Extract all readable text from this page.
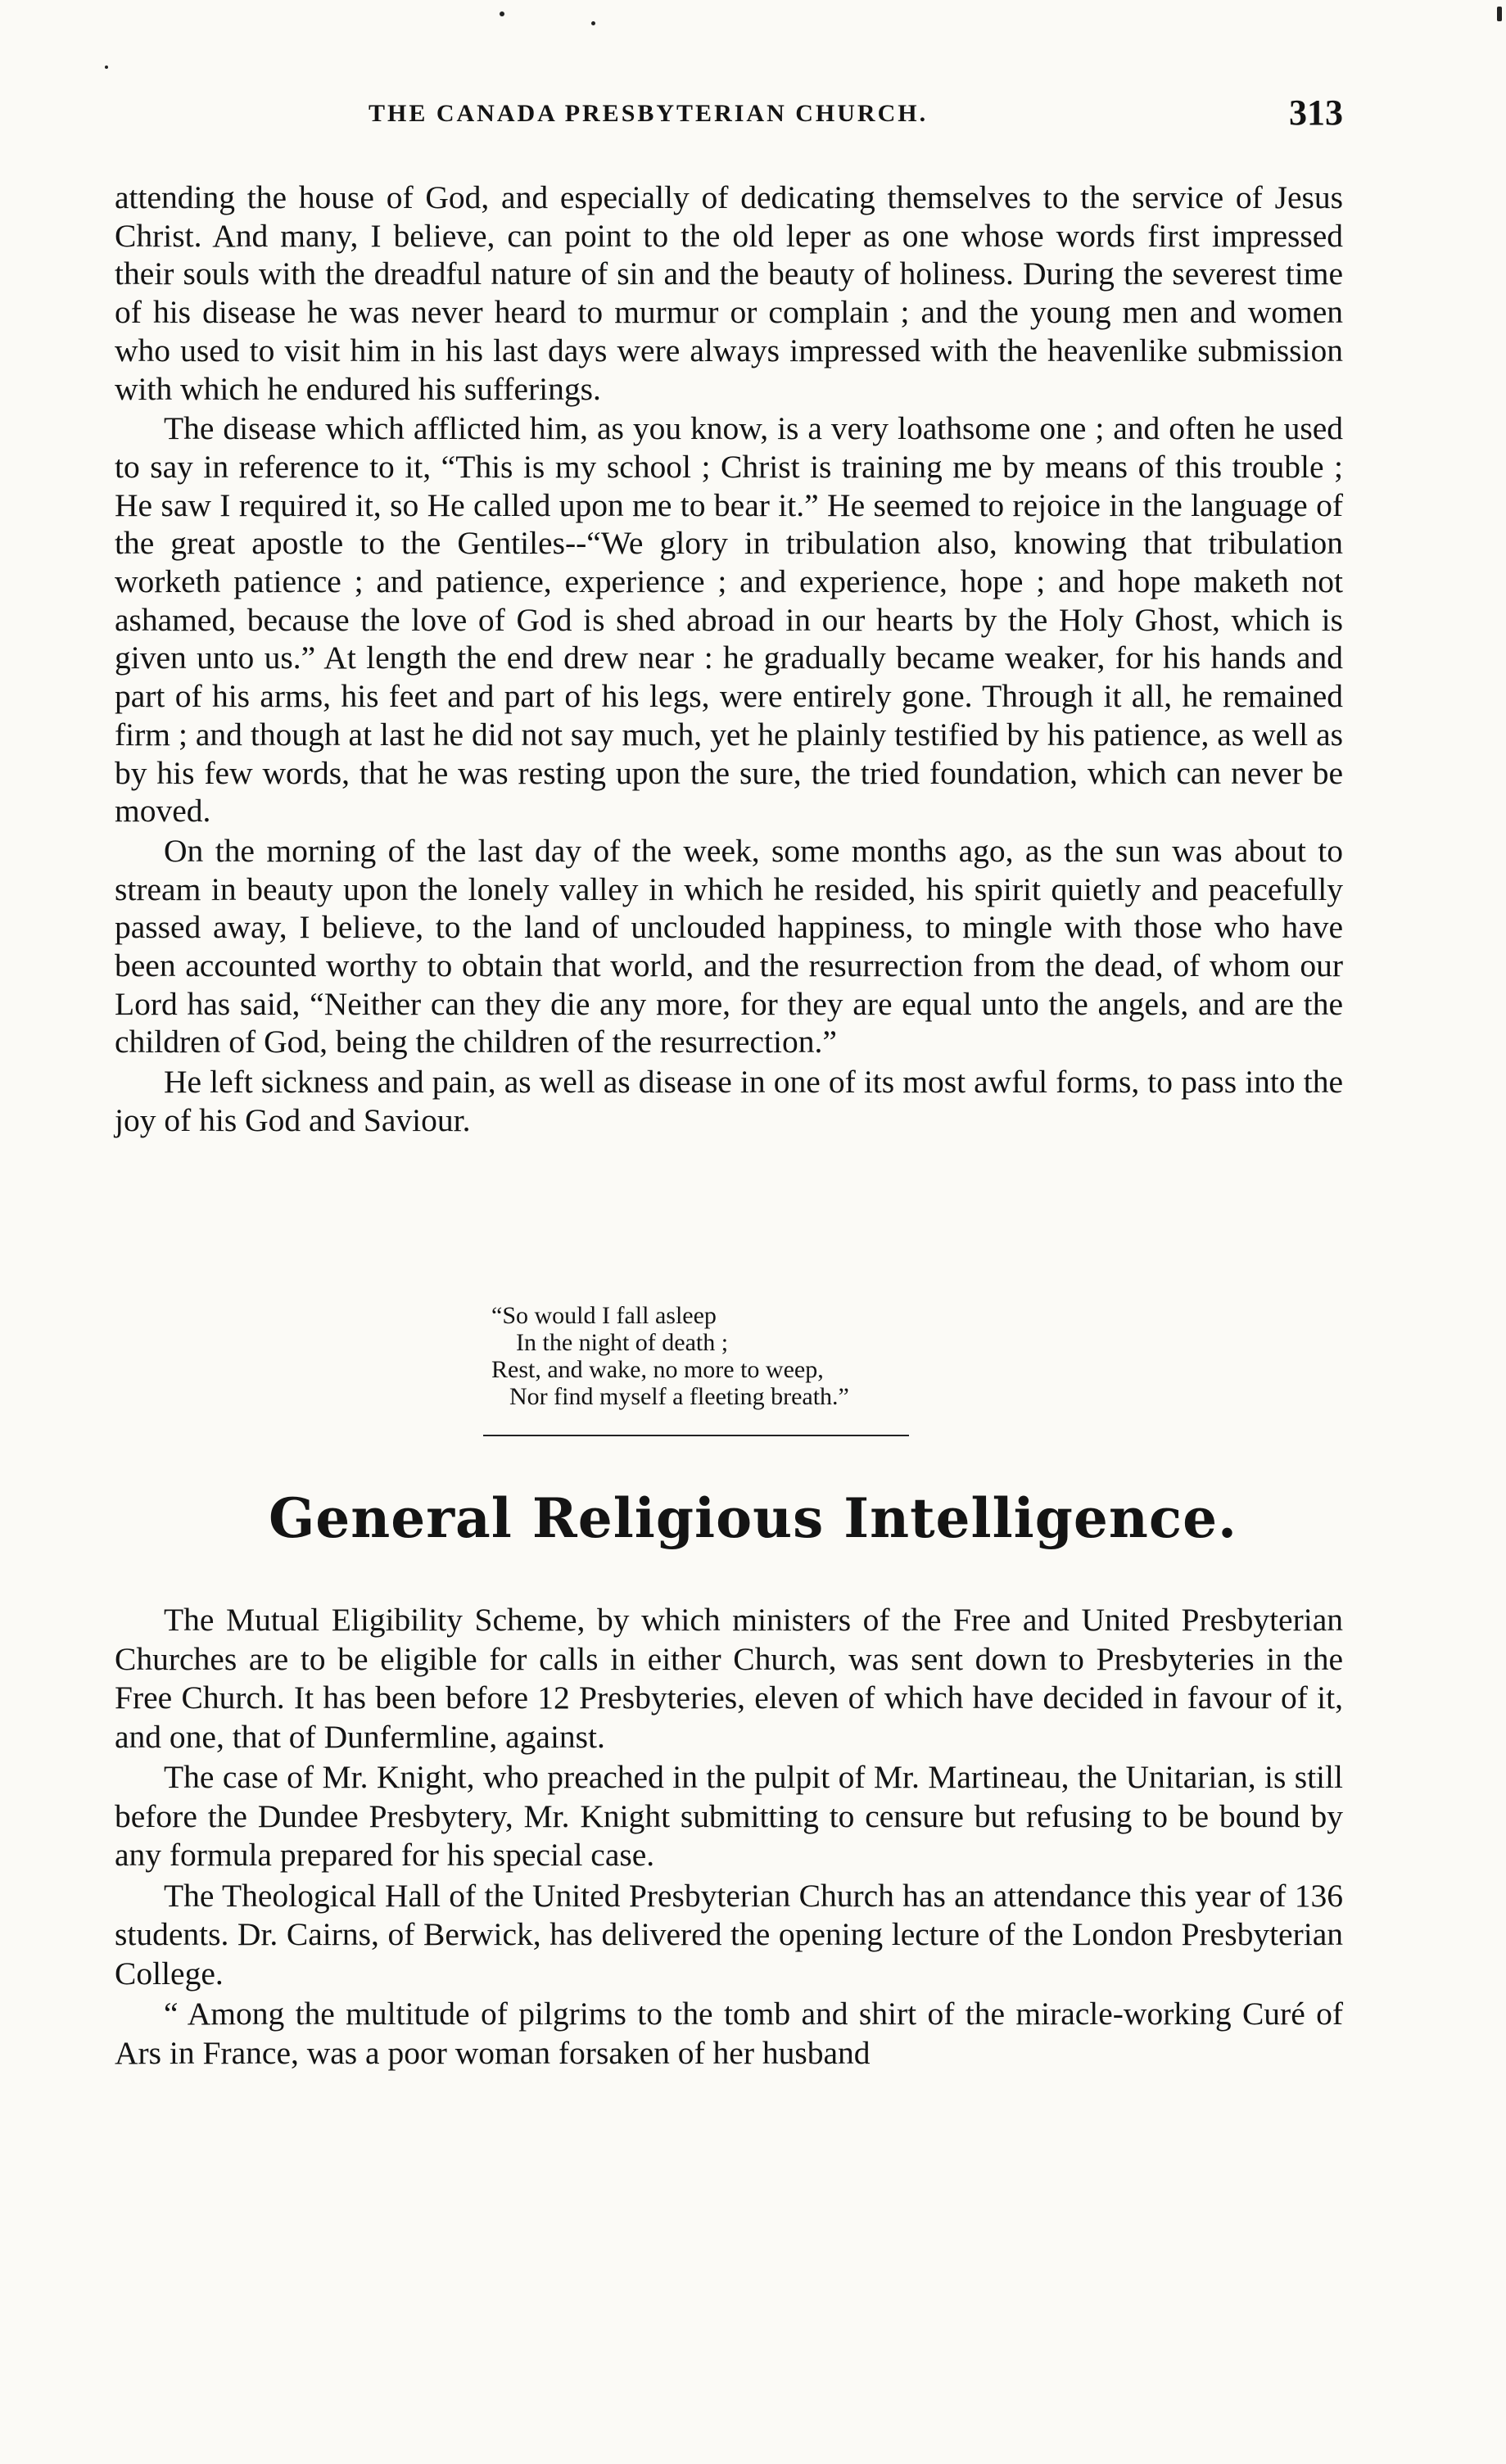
THE CANADA PRESBYTERIAN CHURCH.	313

attending the house of God, and especially of dedicating themselves to the service of Jesus Christ. And many, I believe, can point to the old leper as one whose words first impressed their souls with the dreadful nature of sin and the beauty of holiness. During the severest time of his disease he was never heard to murmur or complain ; and the young men and women who used to visit him in his last days were always impressed with the heavenlike submission with which he endured his sufferings.

The disease which afflicted him, as you know, is a very loathsome one ; and often he used to say in reference to it, “This is my school ; Christ is training me by means of this trouble ; He saw I required it, so He called upon me to bear it.” He seemed to rejoice in the language of the great apostle to the Gentiles--“We glory in tribulation also, knowing that tribulation worketh patience ; and patience, experience ; and experience, hope ; and hope maketh not ashamed, because the love of God is shed abroad in our hearts by the Holy Ghost, which is given unto us.” At length the end drew near : he gradually became weaker, for his hands and part of his arms, his feet and part of his legs, were entirely gone. Through it all, he remained firm ; and though at last he did not say much, yet he plainly testified by his patience, as well as by his few words, that he was resting upon the sure, the tried foundation, which can never be moved.

On the morning of the last day of the week, some months ago, as the sun was about to stream in beauty upon the lonely valley in which he resided, his spirit quietly and peacefully passed away, I believe, to the land of unclouded happiness, to mingle with those who have been accounted worthy to obtain that world, and the resurrection from the dead, of whom our Lord has said, “Neither can they die any more, for they are equal unto the angels, and are the children of God, being the children of the resurrection.”

He left sickness and pain, as well as disease in one of its most awful forms, to pass into the joy of his God and Saviour.

“So would I fall asleep
In the night of death ;
Rest, and wake, no more to weep,
Nor find myself a fleeting breath.”
General Religious Intelligence.

The Mutual Eligibility Scheme, by which ministers of the Free and United Presbyterian Churches are to be eligible for calls in either Church, was sent down to Presbyteries in the Free Church. It has been before 12 Presbyteries, eleven of which have decided in favour of it, and one, that of Dunfermline, against.

The case of Mr. Knight, who preached in the pulpit of Mr. Martineau, the Unitarian, is still before the Dundee Presbytery, Mr. Knight submitting to censure but refusing to be bound by any formula prepared for his special case.

The Theological Hall of the United Presbyterian Church has an attendance this year of 136 students. Dr. Cairns, of Berwick, has delivered the opening lecture of the London Presbyterian College.

“ Among the multitude of pilgrims to the tomb and shirt of the miracle-working Curé of Ars in France, was a poor woman forsaken of her husband
